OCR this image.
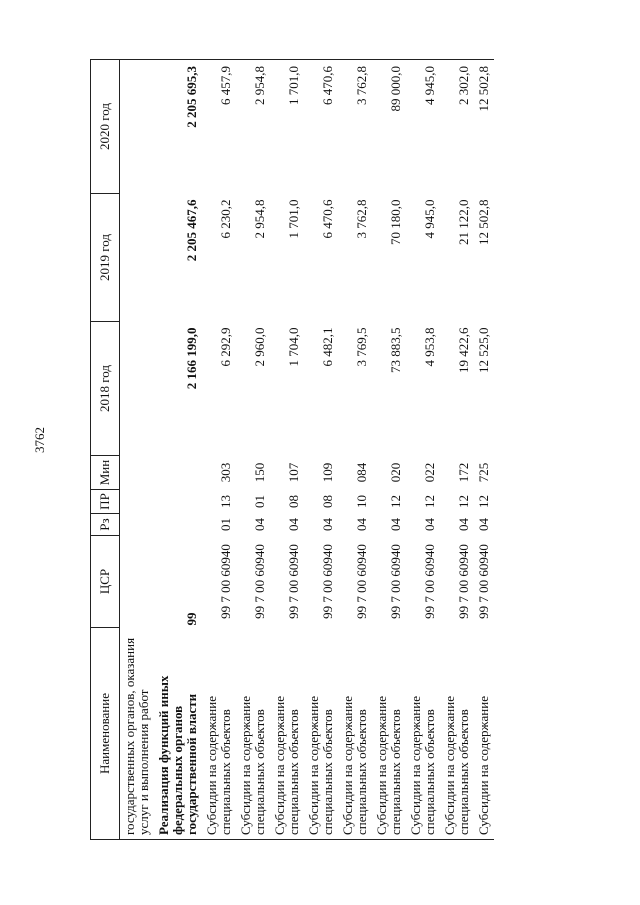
3762
Наименование	ЦСР	Рз	ПР	Мин	2018 год	2019 год	2020 год

государственных органов, оказания услуг и выполнения работ							

Реализация функций иных федеральных органов государственной власти	99				2 166 199,0	2 205 467,6	2 205 695,3

Субсидии на содержание специальных объектов	99 7 00 60940	01	13	303	6 292,9	6 230,2	6 457,9

Субсидии на содержание специальных объектов	99 7 00 60940	04	01	150	2 960,0	2 954,8	2 954,8

Субсидии на содержание специальных объектов	99 7 00 60940	04	08	107	1 704,0	1 701,0	1 701,0

Субсидии на содержание специальных объектов	99 7 00 60940	04	08	109	6 482,1	6 470,6	6 470,6

Субсидии на содержание специальных объектов	99 7 00 60940	04	10	084	3 769,5	3 762,8	3 762,8

Субсидии на содержание специальных объектов	99 7 00 60940	04	12	020	73 883,5	70 180,0	89 000,0

Субсидии на содержание специальных объектов	99 7 00 60940	04	12	022	4 953,8	4 945,0	4 945,0

Субсидии на содержание специальных объектов	99 7 00 60940	04	12	172	19 422,6	21 122,0	2 302,0

Субсидии на содержание	99 7 00 60940	04	12	725	12 525,0	12 502,8	12 502,8
